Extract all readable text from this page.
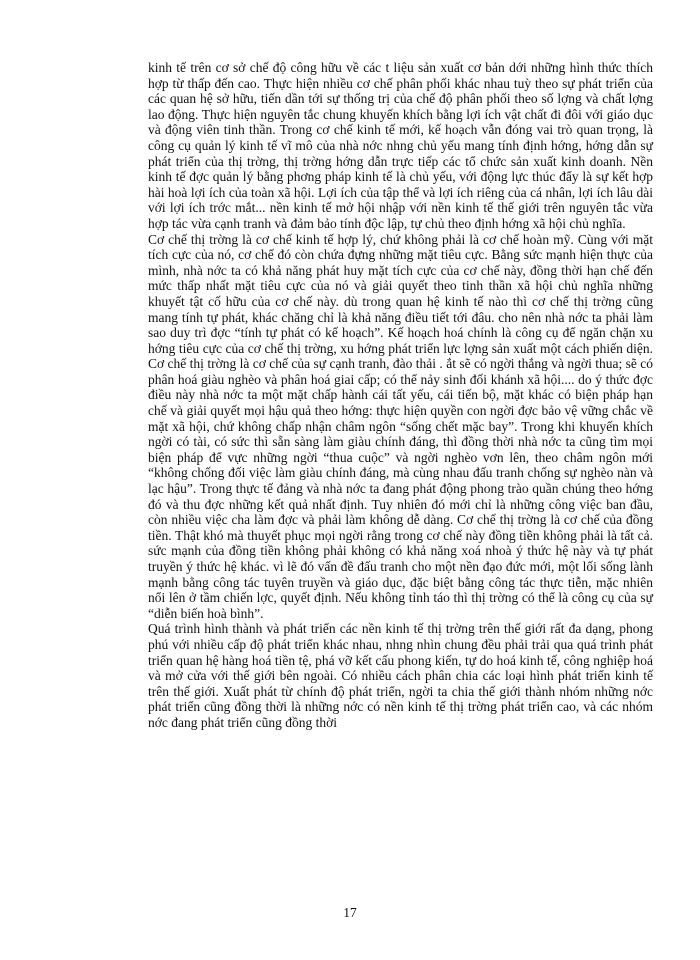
kinh tế trên cơ sở chế độ công hữu về các t liệu sản xuất cơ bản dới những hình thức thích hợp từ thấp đến cao. Thực hiện nhiều cơ chế phân phối khác nhau tuỳ theo sự phát triển của các quan hệ sở hữu, tiến dần tới sự thống trị của chế độ phân phối theo số lợng và chất lợng lao động. Thực hiện nguyên tắc chung khuyến khích bằng lợi ích vật chất đi đôi với giáo dục và động viên tinh thần. Trong cơ chế kinh tế mới, kế hoạch vẫn đóng vai trò quan trọng, là công cụ quản lý kinh tế vĩ mô của nhà nớc nhng chủ yếu mang tính định hớng, hớng dẫn sự phát triển của thị trờng, thị trờng hớng dẫn trực tiếp các tổ chức sản xuất kinh doanh. Nền kinh tế đợc quản lý bằng phơng pháp kinh tế là chủ yếu, với động lực thúc đẩy là sự kết hợp hài hoà lợi ích của toàn xã hội. Lợi ích của tập thể và lợi ích riêng của cá nhân, lợi ích lâu dài với lợi ích trớc mắt... nền kinh tế mở hội nhập với nền kinh tế thế giới trên nguyên tắc vừa hợp tác vừa cạnh tranh và đảm bảo tính độc lập, tự chủ theo định hớng xã hội chủ nghĩa.

Cơ chế thị trờng là cơ chế kinh tế hợp lý, chứ không phải là cơ chế hoàn mỹ. Cùng với mặt tích cực của nó, cơ chế đó còn chứa đựng những mặt tiêu cực. Bằng sức mạnh hiện thực của mình, nhà nớc ta có khả năng phát huy mặt tích cực của cơ chế này, đồng thời hạn chế đến mức thấp nhất mặt tiêu cực của nó và giải quyết theo tinh thần xã hội chủ nghĩa những khuyết tật cố hữu của cơ chế này. dù trong quan hệ kinh tế nào thì cơ chế thị trờng cũng mang tính tự phát, khác chăng chỉ là khả năng điều tiết tới đâu. cho nên nhà nớc ta phải làm sao duy trì đợc “tính tự phát có kế hoạch”. Kế hoạch hoá chính là công cụ để ngăn chặn xu hớng tiêu cực của cơ chế thị trờng, xu hớng phát triển lực lợng sản xuất một cách phiến diện. Cơ chế thị trờng là cơ chế của sự cạnh tranh, đào thải . ắt sẽ có ngời thắng và ngời thua; sẽ có phân hoá giàu nghèo và phân hoá giai cấp; có thể nảy sinh đối khánh xã hội.... do ý thức đợc điều này nhà nớc ta một mặt chấp hành cái tất yếu, cái tiến bộ, mặt khác có biện pháp hạn chế và giải quyết mọi hậu quả theo hớng: thực hiện quyền con ngời đợc bảo vệ vững chắc về mặt xã hội, chứ không chấp nhận châm ngôn “sống chết mặc bay”. Trong khi khuyến khích ngời có tài, có sức thì sẵn sàng làm giàu chính đáng, thì đồng thời nhà nớc ta cũng tìm mọi biện pháp để vực những ngời “thua cuộc” và ngời nghèo vơn lên, theo châm ngôn mới “không chống đối việc làm giàu chính đáng, mà cùng nhau đấu tranh chống sự nghèo nàn và lạc hậu”. Trong thực tế đảng và nhà nớc ta đang phát động phong trào quần chúng theo hớng đó và thu đợc những kết quả nhất định. Tuy nhiên đó mới chỉ là những công việc ban đầu, còn nhiều việc cha làm đợc và phải làm không dễ dàng. Cơ chế thị trờng là cơ chế của đồng tiền. Thật khó mà thuyết phục mọi ngời rằng trong cơ chế này đồng tiền không phải là tất cả. sức mạnh của đồng tiền không phải không có khả năng xoá nhoà ý thức hệ này và tự phát truyền ý thức hệ khác. vì lẽ đó vấn đề đấu tranh cho một nền đạo đức mới, một lối sống lành mạnh bằng công tác tuyên truyền và giáo dục, đặc biệt bằng công tác thực tiễn, mặc nhiên nổi lên ở tầm chiến lợc, quyết định. Nếu không tỉnh táo thì thị trờng có thể là công cụ của sự “diễn biến hoà bình”.

Quá trình hình thành và phát triển các nền kinh tế thị trờng trên thế giới rất đa dạng, phong phú với nhiều cấp độ phát triển khác nhau, nhng nhìn chung đều phải trải qua quá trình phát triển quan hệ hàng hoá tiền tệ, phá vỡ kết cấu phong kiến, tự do hoá kinh tế, công nghiệp hoá và mở cửa với thế giới bên ngoài. Có nhiều cách phân chia các loại hình phát triển kinh tế trên thế giới. Xuất phát từ chính độ phát triển, ngời ta chia thế giới thành nhóm những nớc phát triển cũng đồng thời là những nớc có nền kinh tế thị trờng phát triển cao, và các nhóm nớc đang phát triển cũng đồng thời

17
